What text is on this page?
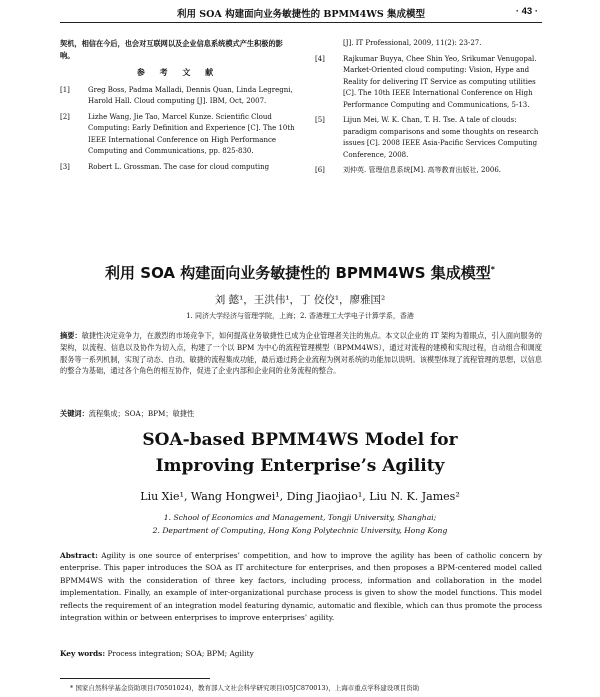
利用 SOA 构建面向业务敏捷性的 BPMM4WS 集成模型	· 43 ·
契机，相信在今后，也会对互联网以及企业信息系统模式产生积极的影响。
参 考 文 献
[1]	Greg Boss, Padma Malladi, Dennis Quan, Linda Legregni, Harold Hall. Cloud computing [J]. IBM, Oct, 2007.
[2]	Lizhe Wang, Jie Tao, Marcel Kunze. Scientific Cloud Computing: Early Definition and Experience [C]. The 10th IEEE International Conference on High Performance Computing and Communications, pp. 825-830.
[3]	Robert L. Grossman. The case for cloud computing
[J]. IT Professional, 2009, 11(2): 23-27.
[4]	Rajkumar Buyya, Chee Shin Yeo, Srikumar Venugopal. Market-Oriented cloud computing: Vision, Hype and Reality for delivering IT Service as computing utilities [C]. The 10th IEEE International Conference on High Performance Computing and Communications, 5-13.
[5]	Lijun Mei, W. K. Chan, T. H. Tse. A tale of clouds: paradigm comparisons and some thoughts on research issues [C]. 2008 IEEE Asia-Pacific Services Computing Conference, 2008.
[6]	刘仲英. 管理信息系统[M]. 高等教育出版社, 2006.
利用 SOA 构建面向业务敏捷性的 BPMM4WS 集成模型*
刘 懿¹，王洪伟¹，丁 佼佼¹，廖雅国²
1. 同济大学经济与管理学院，上海；2. 香港理工大学电子计算学系，香港
摘要：敏捷性决定竞争力，在激烈的市场竞争下，如何提高业务敏捷性已成为企业管理者关注的焦点。本文以企业的 IT 架构为着眼点，引入面向服务的架构，以流程、信息以及协作为切入点，构建了一个以 BPM 为中心的流程管理模型（BPMM4WS），通过对流程的建模和实现过程，自动组合和调度服务等一系列机制，实现了动态、自动、敏捷的流程集成功能，最后通过跨企业流程为例对系统的功能加以说明。该模型体现了流程管理的思想，以信息的整合为基础，通过各个角色的相互协作，促进了企业内部和企业间的业务流程的整合。
关键词：流程集成；SOA；BPM；敏捷性
SOA-based BPMM4WS Model for
Improving Enterprise’s Agility
Liu Xie¹, Wang Hongwei¹, Ding Jiaojiao¹, Liu N. K. James²
1. School of Economics and Management, Tongji University, Shanghai;
2. Department of Computing, Hong Kong Polytechnic University, Hong Kong
Abstract: Agility is one source of enterprises’ competition, and how to improve the agility has been of catholic concern by enterprise. This paper introduces the SOA as IT architecture for enterprises, and then proposes a BPM-centered model called BPMM4WS with the consideration of three key factors, including process, information and collaboration in the model implementation. Finally, an example of inter-organizational purchase process is given to show the model functions. This model reflects the requirement of an integration model featuring dynamic, automatic and flexible, which can thus promote the process integration within or between enterprises to improve enterprises’ agility.
Key words: Process integration; SOA; BPM; Agility
* 国家自然科学基金资助项目(70501024)，教育部人文社会科学研究项目(05JC870013)，上海市重点学科建设项目资助
